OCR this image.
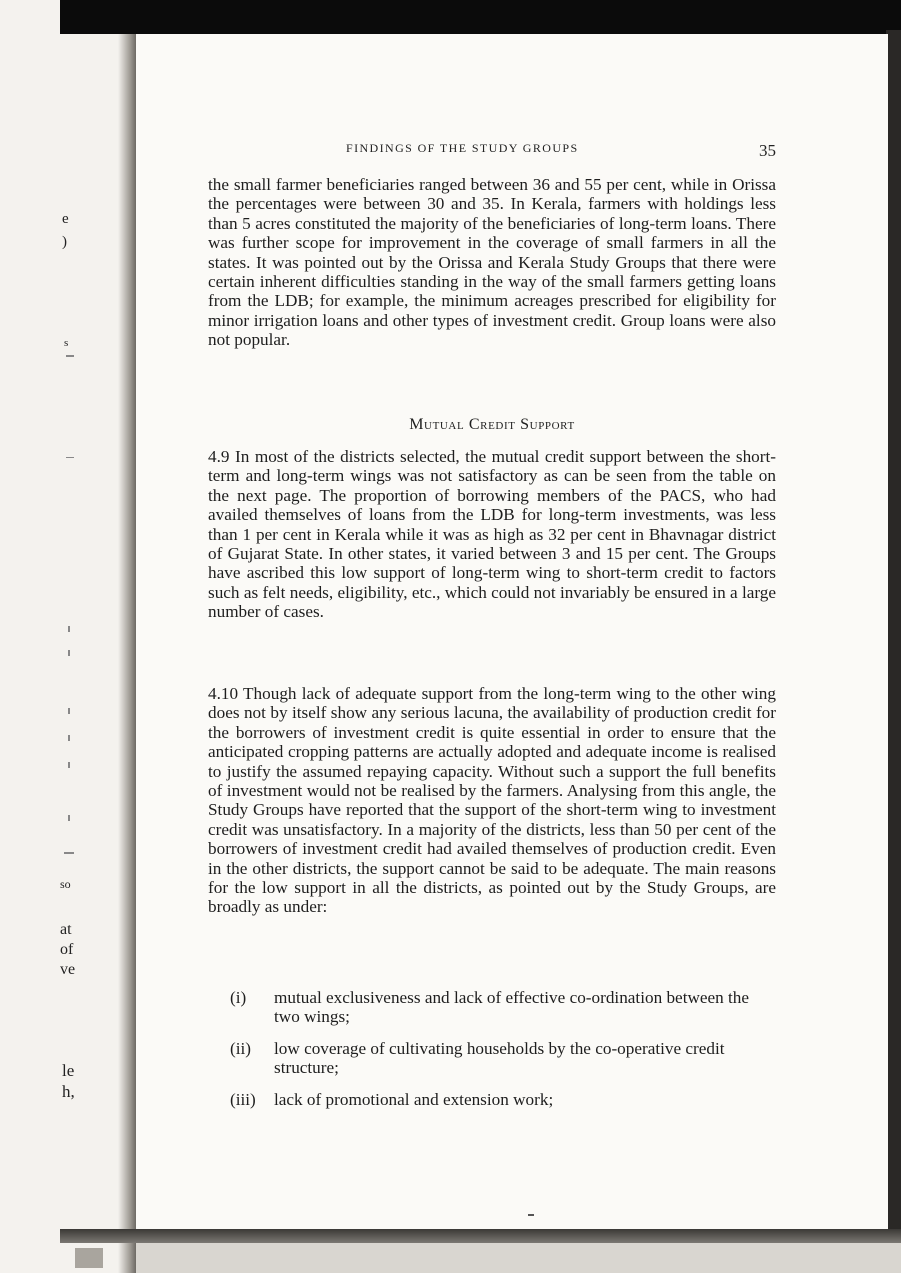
e
)
s
so
at
of
ve
le
h,
FINDINGS OF THE STUDY GROUPS	35

the small farmer beneficiaries ranged between 36 and 55 per cent, while in Orissa the percentages were between 30 and 35. In Kerala, farmers with holdings less than 5 acres constituted the majority of the beneficiaries of long-term loans. There was further scope for improvement in the coverage of small farmers in all the states. It was pointed out by the Orissa and Kerala Study Groups that there were certain inherent difficulties standing in the way of the small farmers getting loans from the LDB; for example, the minimum acreages prescribed for eligibility for minor irrigation loans and other types of investment credit. Group loans were also not popular.

Mutual Credit Support

4.9 In most of the districts selected, the mutual credit support between the short-term and long-term wings was not satisfactory as can be seen from the table on the next page. The proportion of borrowing members of the PACS, who had availed themselves of loans from the LDB for long-term investments, was less than 1 per cent in Kerala while it was as high as 32 per cent in Bhavnagar district of Gujarat State. In other states, it varied between 3 and 15 per cent. The Groups have ascribed this low support of long-term wing to short-term credit to factors such as felt needs, eligibility, etc., which could not invariably be ensured in a large number of cases.

4.10 Though lack of adequate support from the long-term wing to the other wing does not by itself show any serious lacuna, the availability of production credit for the borrowers of investment credit is quite essential in order to ensure that the anticipated cropping patterns are actually adopted and adequate income is realised to justify the assumed repaying capacity. Without such a support the full benefits of investment would not be realised by the farmers. Analysing from this angle, the Study Groups have reported that the support of the short-term wing to investment credit was unsatisfactory. In a majority of the districts, less than 50 per cent of the borrowers of investment credit had availed themselves of production credit. Even in the other districts, the support cannot be said to be adequate. The main reasons for the low support in all the districts, as pointed out by the Study Groups, are broadly as under:

(i)	mutual exclusiveness and lack of effective co-ordination between the two wings;
(ii)	low coverage of cultivating households by the co-operative credit structure;
(iii)	lack of promotional and extension work;
